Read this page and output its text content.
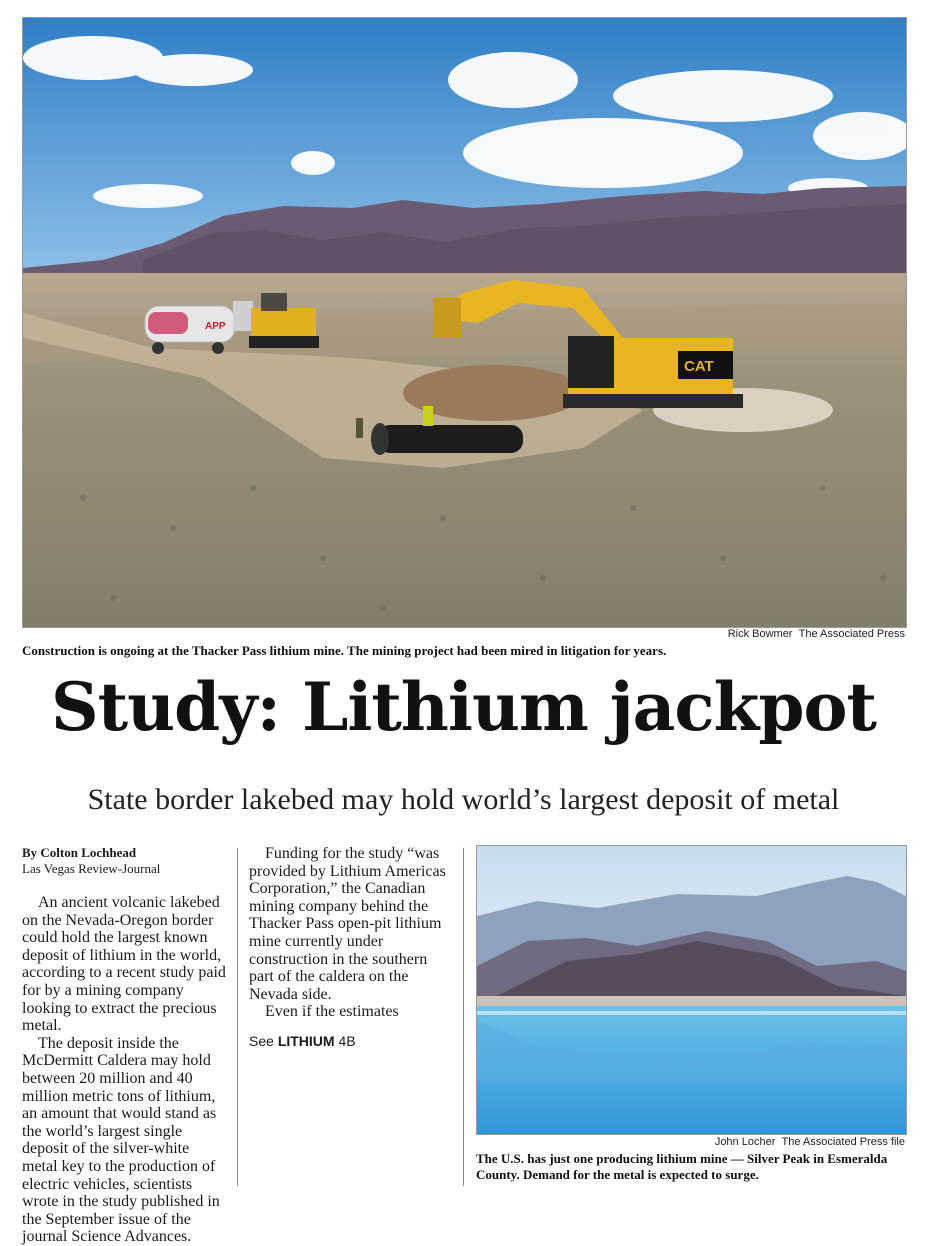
APP
CAT
Rick Bowmer The Associated Press
Construction is ongoing at the Thacker Pass lithium mine. The mining project had been mired in litigation for years.
Study: Lithium jackpot
State border lakebed may hold world’s largest deposit of metal
By Colton Lochhead
Las Vegas Review-Journal

An ancient volcanic lakebed on the Nevada-Oregon border could hold the largest known deposit of lithium in the world, according to a recent study paid for by a mining company looking to extract the precious metal.

The deposit inside the McDermitt Caldera may hold between 20 million and 40 million metric tons of lithium, an amount that would stand as the world’s largest single deposit of the silver-white metal key to the production of electric vehicles, scientists wrote in the study published in the September issue of the journal Science Advances.

Funding for the study “was provided by Lithium Americas Corporation,” the Canadian mining company behind the Thacker Pass open-pit lithium mine currently under construction in the southern part of the caldera on the Nevada side.

Even if the estimates

See LITHIUM 4B
John Locher The Associated Press file
The U.S. has just one producing lithium mine — Silver Peak in Esmeralda County. Demand for the metal is expected to surge.
